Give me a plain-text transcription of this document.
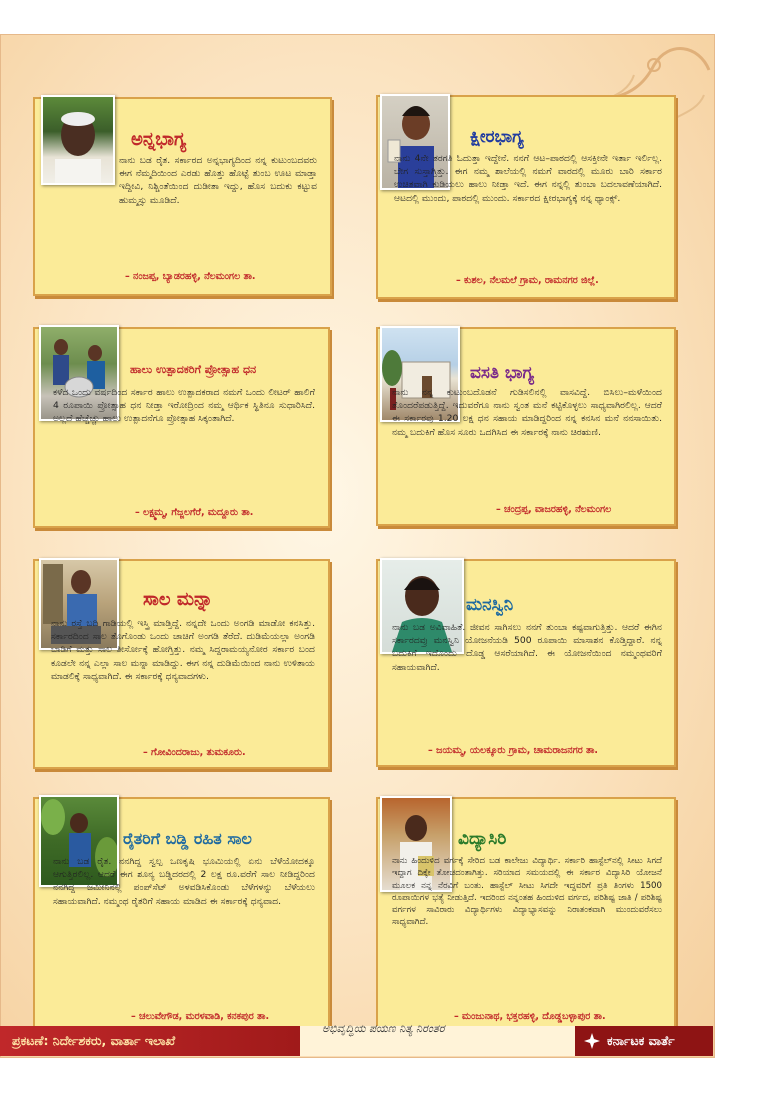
ಅನ್ನಭಾಗ್ಯ
ನಾನು ಬಡ ರೈತ. ಸರ್ಕಾರದ ಅನ್ನಭಾಗ್ಯದಿಂದ ನನ್ನ ಕುಟುಂಬದವರು ಈಗ ನೆಮ್ಮದಿಯಿಂದ ಎರಡು ಹೊತ್ತು ಹೊಟ್ಟೆ ತುಂಬ ಊಟ ಮಾಡ್ತಾ ಇದ್ದೀವಿ, ನಿಶ್ಚಿಂತೆಯಿಂದ ದುಡೀತಾ ಇದ್ದು, ಹೊಸ ಬದುಕು ಕಟ್ಟುವ ಹುಮ್ಮಸ್ಸು ಮೂಡಿದೆ.
– ನಂಜಪ್ಪ, ಬ್ಯಾಡರಹಳ್ಳಿ, ನೆಲಮಂಗಲ ತಾ.
ಕ್ಷೀರಭಾಗ್ಯ
ನಾನು 4ನೇ ತರಗತಿ ಓದುತ್ತಾ ಇದ್ದೇನೆ. ನನಗೆ ಆಟ–ಪಾಠದಲ್ಲಿ ಆಸಕ್ತೀನೇ ಇರ್ತಾ ಇರ್ಲಿಲ್ಲ. ಬೇಗ ಸುಸ್ತಾಗ್ತಿತ್ತು. ಈಗ ನಮ್ಮ ಶಾಲೆಯಲ್ಲಿ ನಮಗೆ ವಾರದಲ್ಲಿ ಮೂರು ಬಾರಿ ಸರ್ಕಾರ ಉಚಿತವಾಗಿ ಕುಡಿಯಲು ಹಾಲು ನೀಡ್ತಾ ಇದೆ. ಈಗ ನನ್ನಲ್ಲಿ ತುಂಬಾ ಬದಲಾವಣೆಯಾಗಿದೆ. ಆಟದಲ್ಲಿ ಮುಂದು, ಪಾಠದಲ್ಲಿ ಮುಂದು. ಸರ್ಕಾರದ ಕ್ಷೀರಭಾಗ್ಯಕ್ಕೆ ನನ್ನ ಥ್ಯಾಂಕ್ಸ್.
– ಕುಶಲ, ನೆಲಮಲೆ ಗ್ರಾಮ, ರಾಮನಗರ ಜಿಲ್ಲೆ.
ಹಾಲು ಉತ್ಪಾದಕರಿಗೆ ಪ್ರೋತ್ಸಾಹ ಧನ
ಕಳೆದ ಒಂದು ವರ್ಷದಿಂದ ಸರ್ಕಾರ ಹಾಲು ಉತ್ಪಾದಕರಾದ ನಮಗೆ ಒಂದು ಲೀಟರ್ ಹಾಲಿಗೆ 4 ರೂಪಾಯಿ ಪ್ರೋತ್ಸಾಹ ಧನ ನೀಡ್ತಾ ಇರೋದ್ರಿಂದ ನಮ್ಮ ಆರ್ಥಿಕ ಸ್ಥಿತಿನೂ ಸುಧಾರಿಸಿದೆ. ಅಲ್ಲದೆ ಹೆಚ್ಚೆಚ್ಚು ಹಾಲು ಉತ್ಪಾದನೆಗೂ ಪ್ರೋತ್ಸಾಹ ಸಿಕ್ಕಂತಾಗಿದೆ.
– ಲಕ್ಷ್ಮಮ್ಮ, ಗೆಜ್ಜಲಗೆರೆ, ಮದ್ದೂರು ತಾ.
ವಸತಿ ಭಾಗ್ಯ
ನಾನು ನನ್ನ ಕುಟುಂಬದೊಡನೆ ಗುಡಿಸಲಿನಲ್ಲಿ ವಾಸವಿದ್ದೆ. ಬಿಸಿಲು–ಮಳೆಯಿಂದ ತೊಂದರೆಪಡುತ್ತಿದ್ದೆ. ಇದುವರೆಗೂ ನಾನು ಸ್ವಂತ ಮನೆ ಕಟ್ಟಿಕೊಳ್ಳಲು ಸಾಧ್ಯವಾಗಿರಲಿಲ್ಲ. ಆದರೆ ಈ ಸರ್ಕಾರವು 1.20 ಲಕ್ಷ ಧನ ಸಹಾಯ ಮಾಡಿದ್ದರಿಂದ ನನ್ನ ಕನಸಿನ ಮನೆ ನನಸಾಯಿತು. ನಮ್ಮ ಬದುಕಿಗೆ ಹೊಸ ಸೂರು ಒದಗಿಸಿದ ಈ ಸರ್ಕಾರಕ್ಕೆ ನಾನು ಚಿರಋಣಿ.
– ಚಂದ್ರಪ್ಪ, ವಾಜರಹಳ್ಳಿ, ನೆಲಮಂಗಲ
ಸಾಲ ಮನ್ನಾ
ನಾನು ರಸ್ತೆ ಬದಿ ಗಾಡಿಯಲ್ಲಿ ಇಸ್ತ್ರಿ ಮಾಡ್ತಿದ್ದೆ. ನನ್ನದೇ ಒಂದು ಅಂಗಡಿ ಮಾಡೋ ಕನಸಿತ್ತು. ಸರ್ಕಾರದಿಂದ ಸಾಲ ತೊಗೊಂಡು ಒಂದು ಚಾಚಿಗೆ ಅಂಗಡಿ ತೆರೆದೆ. ದುಡಿಮೆಯಲ್ಲಾ ಅಂಗಡಿ ಬಾಡಿಗೆ ಮತ್ತು ಸಾಲ ತೀರ್ಸೋಕ್ಕೆ ಹೋಗ್ತಿತ್ತು. ನಮ್ಮ ಸಿದ್ದರಾಮಯ್ಯನೋರ ಸರ್ಕಾರ ಬಂದ ಕೂಡಲೇ ನನ್ನ ಎಲ್ಲಾ ಸಾಲ ಮನ್ನಾ ಮಾಡಿದ್ದು. ಈಗ ನನ್ನ ದುಡಿಮೆಯಿಂದ ನಾನು ಉಳಿತಾಯ ಮಾಡಲಿಕ್ಕೆ ಸಾಧ್ಯವಾಗಿದೆ. ಈ ಸರ್ಕಾರಕ್ಕೆ ಧನ್ಯವಾದಗಳು.
– ಗೋವಿಂದರಾಜು, ತುಮಕೂರು.
ಮನಸ್ವಿನಿ
ನಾನು ಬಡ ಅವಿವಾಹಿತೆ. ಜೀವನ ಸಾಗಿಸಲು ನನಗೆ ತುಂಬಾ ಕಷ್ಟವಾಗುತ್ತಿತ್ತು. ಆದರೆ ಈಗಿನ ಸರ್ಕಾರದವ್ರು ಮನಸ್ವಿನಿ ಯೋಜನೆಯಡಿ 500 ರೂಪಾಯಿ ಮಾಸಾಶನ ಕೊಡ್ತಿದ್ದಾರೆ. ನನ್ನ ಬದುಕಿಗೆ ಇದೊಂದು ದೊಡ್ಡ ಆಸರೆಯಾಗಿದೆ. ಈ ಯೋಜನೆಯಿಂದ ನಮ್ಮಂಥವರಿಗೆ ಸಹಾಯವಾಗಿದೆ.
– ಜಯಮ್ಮ, ಯಲಕ್ಕೂರು ಗ್ರಾಮ, ಚಾಮರಾಜನಗರ ತಾ.
ರೈತರಿಗೆ ಬಡ್ಡಿ ರಹಿತ ಸಾಲ
ನಾನು ಬಡ ರೈತ. ನನಗಿದ್ದ ಸ್ವಲ್ಪ ಒಣಕೃಷಿ ಭೂಮಿಯಲ್ಲಿ ಏನು ಬೆಳೆಯೋದಕ್ಕೂ ಆಗುತ್ತಿರಲಿಲ್ಲ. ಆದರೆ ಈಗ ಶೂನ್ಯ ಬಡ್ಡಿದರದಲ್ಲಿ 2 ಲಕ್ಷ ರೂ.ವರೆಗೆ ಸಾಲ ನೀಡಿದ್ದರಿಂದ ನನಗಿದ್ದ ಜಮೀನಿನಲ್ಲಿ ಪಂಪ್‌ಸೆಟ್ ಅಳವಡಿಸಿಕೊಂಡು ಬೆಳೆಗಳನ್ನು ಬೆಳೆಯಲು ಸಹಾಯವಾಗಿದೆ. ನಮ್ಮಂಥ ರೈತರಿಗೆ ಸಹಾಯ ಮಾಡಿದ ಈ ಸರ್ಕಾರಕ್ಕೆ ಧನ್ಯವಾದ.
– ಚಲುವೇಗೌಡ, ಮರಳವಾಡಿ, ಕನಕಪುರ ತಾ.
ವಿದ್ಯಾಸಿರಿ
ನಾನು ಹಿಂದುಳಿದ ವರ್ಗಕ್ಕೆ ಸೇರಿದ ಬಡ ಕಾಲೇಜು ವಿದ್ಯಾರ್ಥಿ. ಸರ್ಕಾರಿ ಹಾಸ್ಟೆಲ್‌ನಲ್ಲಿ ಸೀಟು ಸಿಗದೆ ಇದ್ದಾಗ ದಿಕ್ಕೇ ತೋಚದಂತಾಗಿತ್ತು. ಸರಿಯಾದ ಸಮಯದಲ್ಲಿ ಈ ಸರ್ಕಾರ ವಿದ್ಯಾಸಿರಿ ಯೋಜನೆ ಮೂಲಕ ನನ್ನ ನೆರವಿಗೆ ಬಂತು. ಹಾಸ್ಟೆಲ್ ಸೀಟು ಸಿಗದೇ ಇದ್ದವರಿಗೆ ಪ್ರತಿ ತಿಂಗಳು 1500 ರೂಪಾಯಿಗಳ ಭತ್ಯೆ ನೀಡುತ್ತಿದೆ. ಇದರಿಂದ ನನ್ನಂತಹ ಹಿಂದುಳಿದ ವರ್ಗದ, ಪರಿಶಿಷ್ಟ ಜಾತಿ / ಪರಿಶಿಷ್ಟ ವರ್ಗಗಳ ಸಾವಿರಾರು ವಿದ್ಯಾರ್ಥಿಗಳು ವಿದ್ಯಾಭ್ಯಾಸವನ್ನು ನಿರಾತಂಕವಾಗಿ ಮುಂದುವರೆಸಲು ಸಾಧ್ಯವಾಗಿದೆ.
– ಮಂಜುನಾಥ, ಭಕ್ತರಹಳ್ಳಿ, ದೊಡ್ಡಬಳ್ಳಾಪುರ ತಾ.
ಅಭಿವೃದ್ಧಿಯ ಪಯಣ ನಿತ್ಯ ನಿರಂತರ
ಪ್ರಕಟಣೆ: ನಿರ್ದೇಶಕರು, ವಾರ್ತಾ ಇಲಾಖೆ	ಕರ್ನಾಟಕ ವಾರ್ತೆ
